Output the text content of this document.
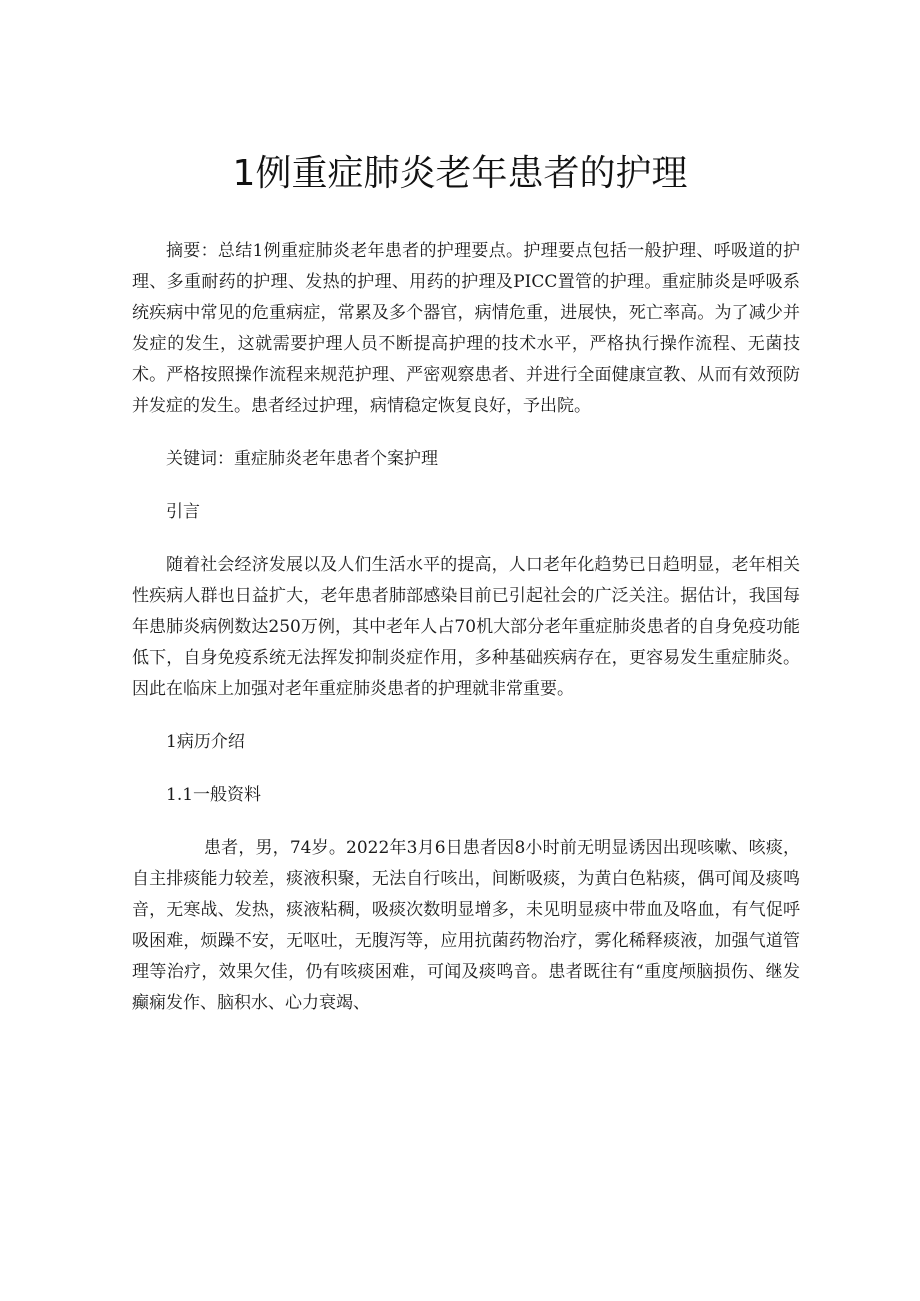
1例重症肺炎老年患者的护理

摘要：总结1例重症肺炎老年患者的护理要点。护理要点包括一般护理、呼吸道的护理、多重耐药的护理、发热的护理、用药的护理及PICC置管的护理。重症肺炎是呼吸系统疾病中常见的危重病症，常累及多个器官，病情危重，进展快，死亡率高。为了减少并发症的发生，这就需要护理人员不断提高护理的技术水平，严格执行操作流程、无菌技术。严格按照操作流程来规范护理、严密观察患者、并进行全面健康宣教、从而有效预防并发症的发生。患者经过护理，病情稳定恢复良好，予出院。

关键词：重症肺炎老年患者个案护理

引言

随着社会经济发展以及人们生活水平的提高，人口老年化趋势已日趋明显，老年相关性疾病人群也日益扩大，老年患者肺部感染目前已引起社会的广泛关注。据估计，我国每年患肺炎病例数达250万例，其中老年人占70机大部分老年重症肺炎患者的自身免疫功能低下，自身免疫系统无法挥发抑制炎症作用，多种基础疾病存在，更容易发生重症肺炎。因此在临床上加强对老年重症肺炎患者的护理就非常重要。

1病历介绍

1.1一般资料

患者，男，74岁。2022年3月6日患者因8小时前无明显诱因出现咳嗽、咳痰，自主排痰能力较差，痰液积聚，无法自行咳出，间断吸痰，为黄白色粘痰，偶可闻及痰鸣音，无寒战、发热，痰液粘稠，吸痰次数明显增多，未见明显痰中带血及咯血，有气促呼吸困难，烦躁不安，无呕吐，无腹泻等，应用抗菌药物治疗，雾化稀释痰液，加强气道管理等治疗，效果欠佳，仍有咳痰困难，可闻及痰鸣音。患者既往有“重度颅脑损伤、继发癫痫发作、脑积水、心力衰竭、
